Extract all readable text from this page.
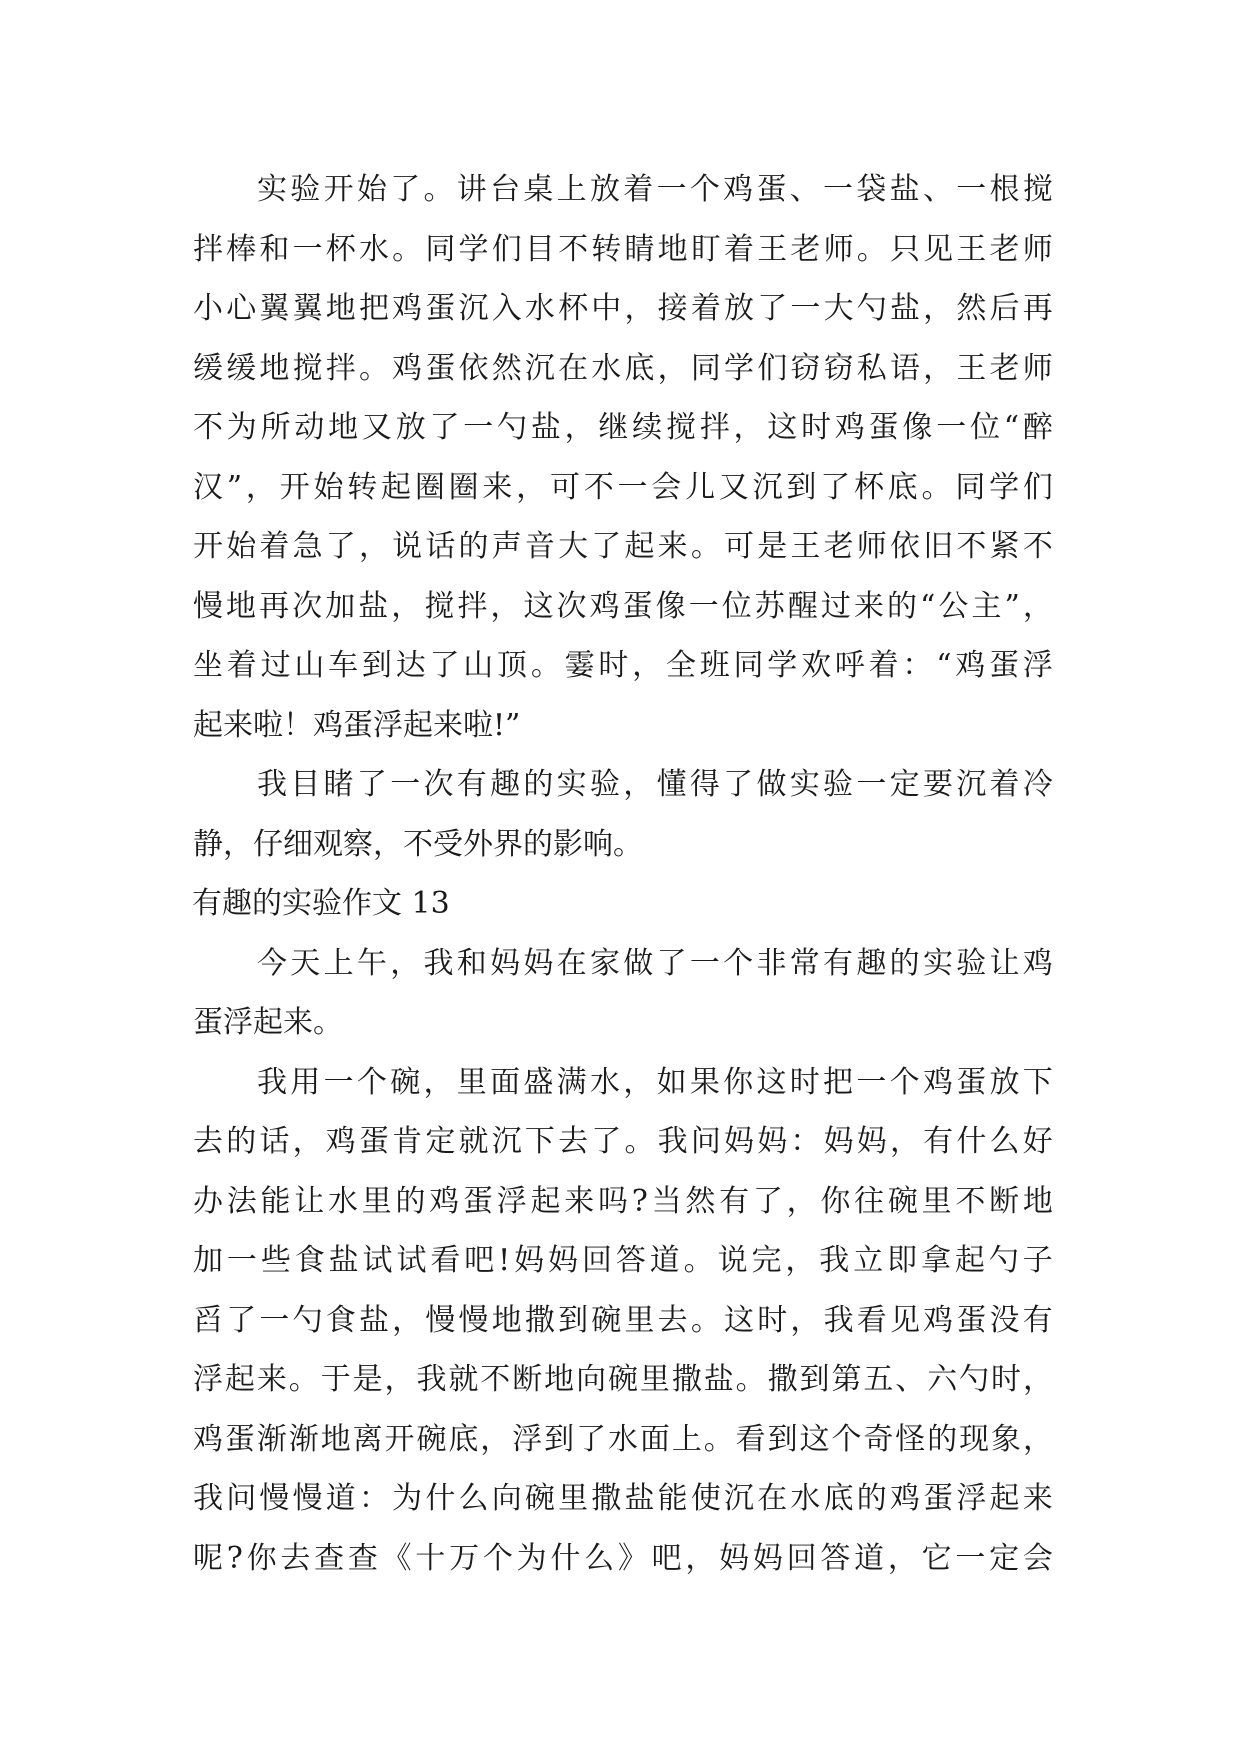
实 验 开 始 了 。 讲 台 桌 上 放 着 一 个 鸡 蛋 、 一 袋 盐 、 一 根 搅
拌 棒 和 一 杯 水 。 同 学 们 目 不 转 睛 地 盯 着 王 老 师 。 只 见 王 老 师
小 心 翼 翼 地 把 鸡 蛋 沉 入 水 杯 中 ， 接 着 放 了 一 大 勺 盐 ， 然 后 再
缓 缓 地 搅 拌 。 鸡 蛋 依 然 沉 在 水 底 ， 同 学 们 窃 窃 私 语 ， 王 老 师
不 为 所 动 地 又 放 了 一 勺 盐 ， 继 续 搅 拌 ， 这 时 鸡 蛋 像 一 位 “ 醉
汉 ” ， 开 始 转 起 圈 圈 来 ， 可 不 一 会 儿 又 沉 到 了 杯 底 。 同 学 们
开 始 着 急 了 ， 说 话 的 声 音 大 了 起 来 。 可 是 王 老 师 依 旧 不 紧 不
慢 地 再 次 加 盐 ， 搅 拌 ， 这 次 鸡 蛋 像 一 位 苏 醒 过 来 的 “ 公 主 ” ，
坐 着 过 山 车 到 达 了 山 顶 。 霎 时 ， 全 班 同 学 欢 呼 着 ： “ 鸡 蛋 浮
起来啦！鸡蛋浮起来啦!”
我 目 睹 了 一 次 有 趣 的 实 验 ， 懂 得 了 做 实 验 一 定 要 沉 着 冷
静，仔细观察，不受外界的影响。
有趣的实验作文 13
今 天 上 午 ， 我 和 妈 妈 在 家 做 了 一 个 非 常 有 趣 的 实 验 让 鸡
蛋浮起来。
我 用 一 个 碗 ， 里 面 盛 满 水 ， 如 果 你 这 时 把 一 个 鸡 蛋 放 下
去 的 话 ， 鸡 蛋 肯 定 就 沉 下 去 了 。 我 问 妈 妈 ： 妈 妈 ， 有 什 么 好
办 法 能 让 水 里 的 鸡 蛋 浮 起 来 吗 ? 当 然 有 了 ， 你 往 碗 里 不 断 地
加 一 些 食 盐 试 试 看 吧 ! 妈 妈 回 答 道 。 说 完 ， 我 立 即 拿 起 勺 子
舀 了 一 勺 食 盐 ， 慢 慢 地 撒 到 碗 里 去 。 这 时 ， 我 看 见 鸡 蛋 没 有
浮 起 来 。 于 是 ， 我 就 不 断 地 向 碗 里 撒 盐 。 撒 到 第 五 、 六 勺 时 ，
鸡 蛋 渐 渐 地 离 开 碗 底 ， 浮 到 了 水 面 上 。 看 到 这 个 奇 怪 的 现 象 ，
我 问 慢 慢 道 ： 为 什 么 向 碗 里 撒 盐 能 使 沉 在 水 底 的 鸡 蛋 浮 起 来
呢 ? 你 去 查 查 《 十 万 个 为 什 么 》 吧 ， 妈 妈 回 答 道 ， 它 一 定 会
